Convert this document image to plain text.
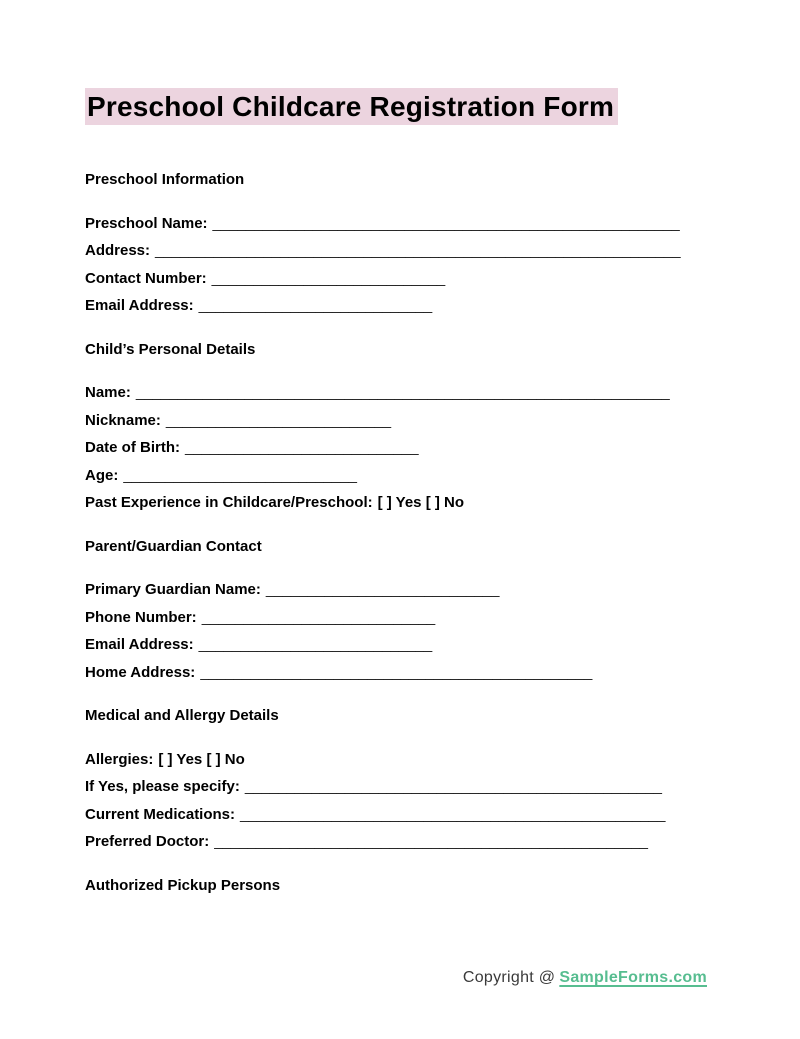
Preschool Childcare Registration Form

Preschool Information

Preschool Name: ________________________________________________________

Address: _______________________________________________________________

Contact Number: ____________________________

Email Address: ____________________________

Child’s Personal Details

Name: ________________________________________________________________

Nickname: ___________________________

Date of Birth: ____________________________

Age: ____________________________

Past Experience in Childcare/Preschool: [ ] Yes [ ] No

Parent/Guardian Contact

Primary Guardian Name: ____________________________

Phone Number: ____________________________

Email Address: ____________________________

Home Address: _______________________________________________

Medical and Allergy Details

Allergies: [ ] Yes [ ] No

If Yes, please specify: __________________________________________________

Current Medications: ___________________________________________________

Preferred Doctor: ____________________________________________________

Authorized Pickup Persons

Copyright @ SampleForms.com
